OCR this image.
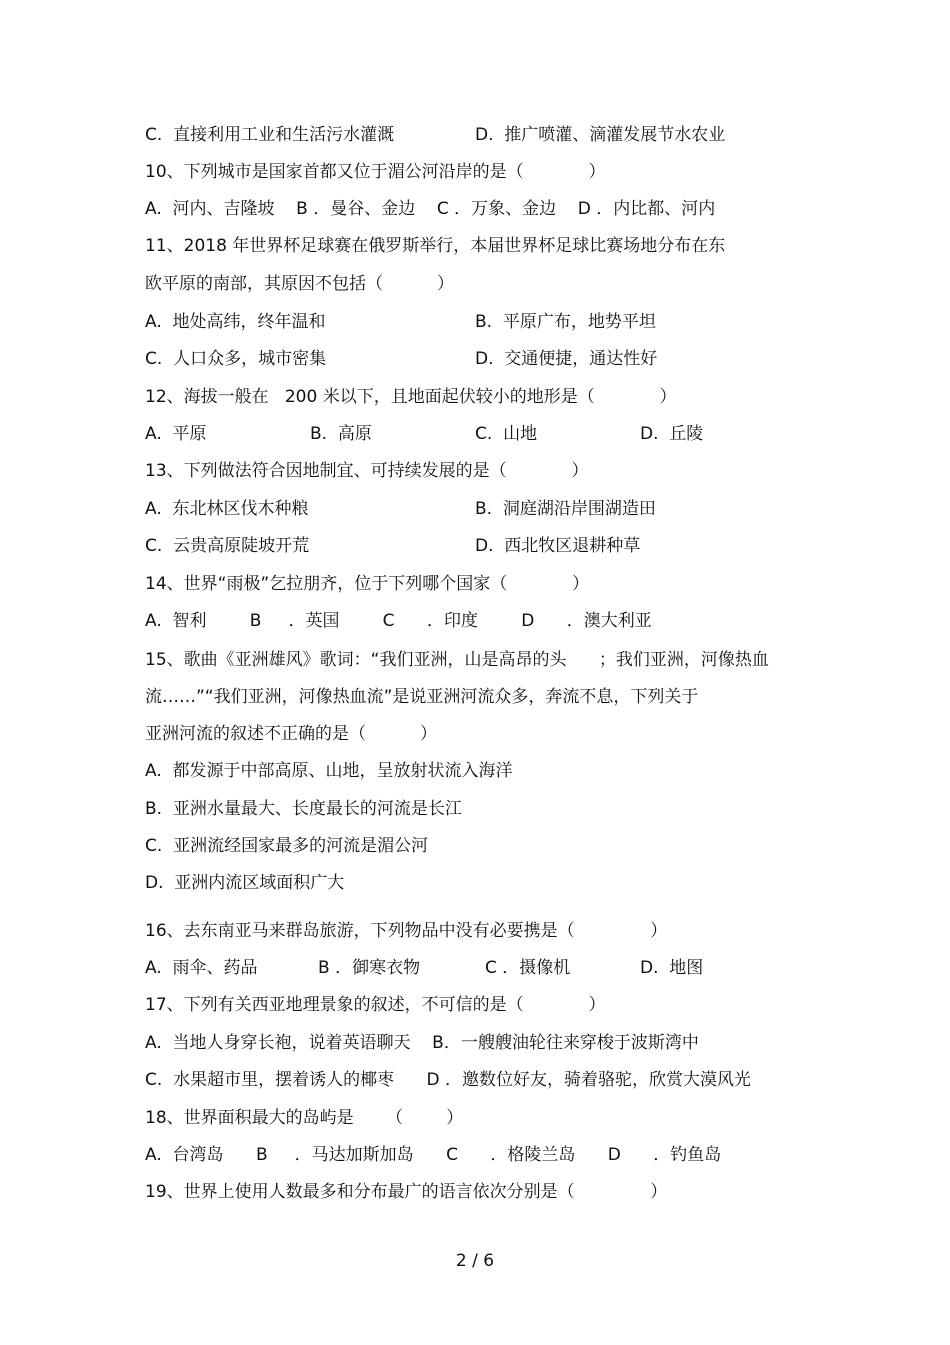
C.  直接利用工业和生活污水灌溉	D.  推广喷灌、滴灌发展节水农业
10、下列城市是国家首都又位于湄公河沿岸的是（            ）
A.  河内、吉隆坡    B ．曼谷、金边    C ．万象、金边    D ．内比都、河内
11、2018 年世界杯足球赛在俄罗斯举行，本届世界杯足球比赛场地分布在东
欧平原的南部，其原因不包括（          ）
A.  地处高纬，终年温和	B.  平原广布，地势平坦
C.  人口众多，城市密集	D.  交通便捷，通达性好
12、海拔一般在   200 米以下，且地面起伏较小的地形是（            ）
A.  平原	B.  高原	C.  山地	D.  丘陵
13、下列做法符合因地制宜、可持续发展的是（            ）
A.  东北林区伐木种粮	B.  洞庭湖沿岸围湖造田
C.  云贵高原陡坡开荒	D.  西北牧区退耕种草
14、世界“雨极”乞拉朋齐，位于下列哪个国家（            ）
A.  智利        B     ．英国        C      ．印度        D      ．澳大利亚
15、歌曲《亚洲雄风》歌词：“我们亚洲，山是高昂的头      ；我们亚洲，河像热血
流……”“我们亚洲，河像热血流”是说亚洲河流众多，奔流不息，下列关于
亚洲河流的叙述不正确的是（          ）
A.  都发源于中部高原、山地，呈放射状流入海洋
B.  亚洲水量最大、长度最长的河流是长江
C.  亚洲流经国家最多的河流是湄公河
D.  亚洲内流区域面积广大
16、去东南亚马来群岛旅游，下列物品中没有必要携是（              ）
A.  雨伞、药品	B ．御寒衣物	C ．摄像机	D.  地图
17、下列有关西亚地理景象的叙述，不可信的是（            ）
A.  当地人身穿长袍，说着英语聊天    B．一艘艘油轮往来穿梭于波斯湾中
C.  水果超市里，摆着诱人的椰枣      D ．邀数位好友，骑着骆驼，欣赏大漠风光
18、世界面积最大的岛屿是      （        ）
A.  台湾岛      B     ．马达加斯加岛      C      ．格陵兰岛      D      ．钓鱼岛
19、世界上使用人数最多和分布最广的语言依次分别是（              ）
2 / 6
